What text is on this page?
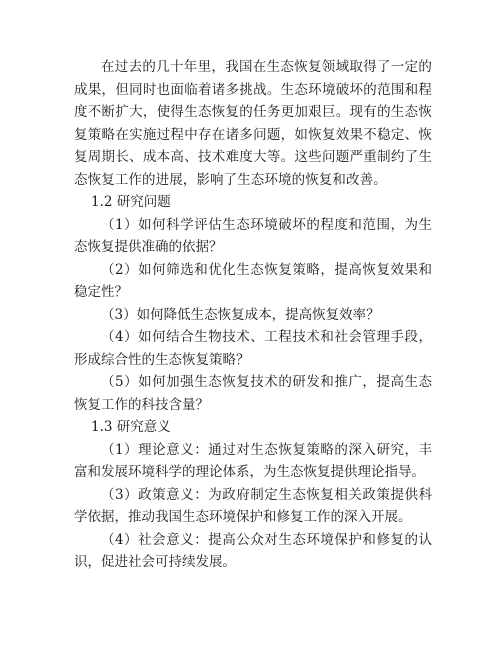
在过去的几十年里，我国在生态恢复领域取得了一定的成果，但同时也面临着诸多挑战。生态环境破坏的范围和程度不断扩大，使得生态恢复的任务更加艰巨。现有的生态恢复策略在实施过程中存在诸多问题，如恢复效果不稳定、恢复周期长、成本高、技术难度大等。这些问题严重制约了生态恢复工作的进展，影响了生态环境的恢复和改善。

1.2 研究问题

（1）如何科学评估生态环境破坏的程度和范围，为生态恢复提供准确的依据？

（2）如何筛选和优化生态恢复策略，提高恢复效果和稳定性？

（3）如何降低生态恢复成本，提高恢复效率？

（4）如何结合生物技术、工程技术和社会管理手段，形成综合性的生态恢复策略？

（5）如何加强生态恢复技术的研发和推广，提高生态恢复工作的科技含量？

1.3 研究意义

（1）理论意义：通过对生态恢复策略的深入研究，丰富和发展环境科学的理论体系，为生态恢复提供理论指导。

（3）政策意义：为政府制定生态恢复相关政策提供科学依据，推动我国生态环境保护和修复工作的深入开展。

（4）社会意义：提高公众对生态环境保护和修复的认识，促进社会可持续发展。
